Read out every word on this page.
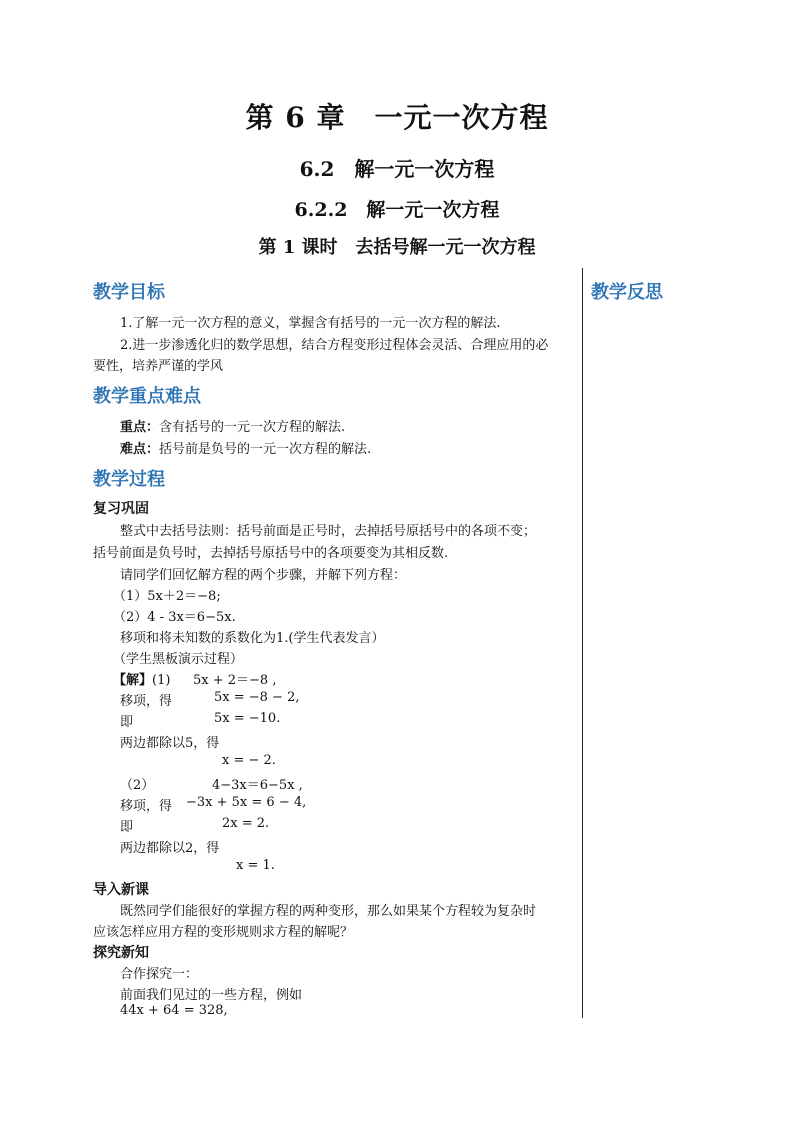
第 6 章　一元一次方程
6.2　解一元一次方程
6.2.2　解一元一次方程
第 1 课时　去括号解一元一次方程
教学反思
教学目标
1.了解一元一次方程的意义，掌握含有括号的一元一次方程的解法.
2.进一步渗透化归的数学思想，结合方程变形过程体会灵活、合理应用的必
要性，培养严谨的学风
教学重点难点
重点：含有括号的一元一次方程的解法.
难点：括号前是负号的一元一次方程的解法.
教学过程
复习巩固
整式中去括号法则：括号前面是正号时，去掉括号原括号中的各项不变；
括号前面是负号时，去掉括号原括号中的各项要变为其相反数.
请同学们回忆解方程的两个步骤，并解下列方程：
（1）5x＋2＝−8;
（2）4 - 3x＝6−5x.
移项和将未知数的系数化为1.(学生代表发言）
（学生黑板演示过程）
【解】(1) 5x + 2＝−8 ,
移项，得	5x = −8 − 2,
即	5x = −10.
两边都除以5，得
x = − 2.
（2）	4−3x＝6−5x ,
移项，得 −3x + 5x = 6 − 4,
即	2x = 2.
两边都除以2，得
x = 1.
导入新课
既然同学们能很好的掌握方程的两种变形，那么如果某个方程较为复杂时
应该怎样应用方程的变形规则求方程的解呢？
探究新知
合作探究一：
前面我们见过的一些方程，例如
44x + 64 = 328,
